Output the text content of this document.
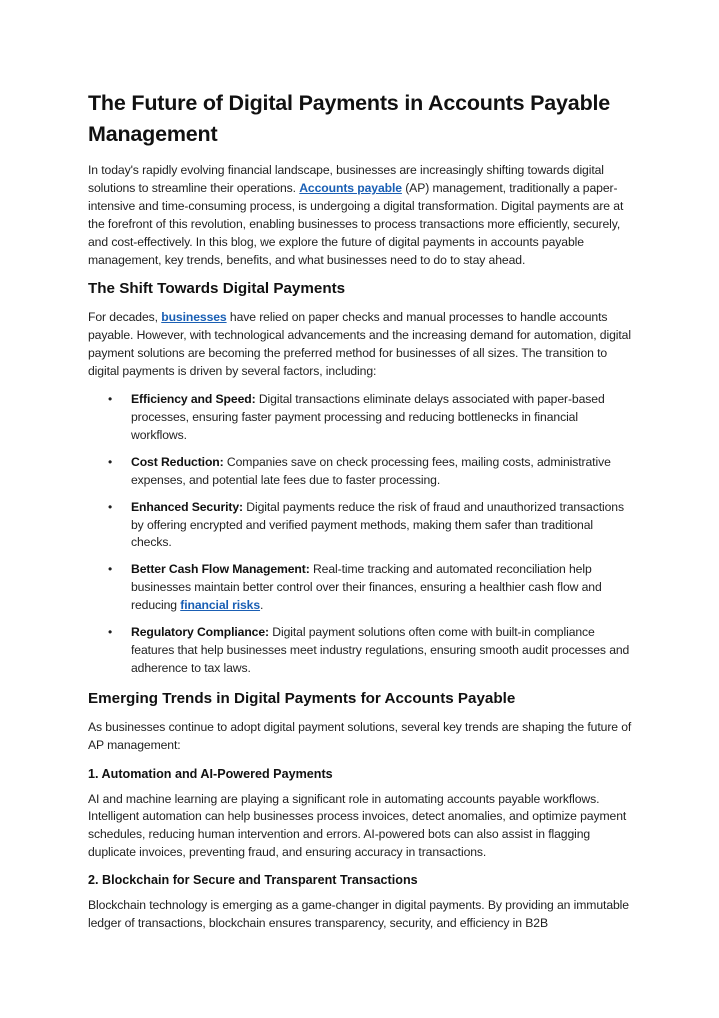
The Future of Digital Payments in Accounts Payable Management

In today's rapidly evolving financial landscape, businesses are increasingly shifting towards digital solutions to streamline their operations. Accounts payable (AP) management, traditionally a paper-intensive and time-consuming process, is undergoing a digital transformation. Digital payments are at the forefront of this revolution, enabling businesses to process transactions more efficiently, securely, and cost-effectively. In this blog, we explore the future of digital payments in accounts payable management, key trends, benefits, and what businesses need to do to stay ahead.

The Shift Towards Digital Payments

For decades, businesses have relied on paper checks and manual processes to handle accounts payable. However, with technological advancements and the increasing demand for automation, digital payment solutions are becoming the preferred method for businesses of all sizes. The transition to digital payments is driven by several factors, including:

• Efficiency and Speed: Digital transactions eliminate delays associated with paper-based processes, ensuring faster payment processing and reducing bottlenecks in financial workflows.
• Cost Reduction: Companies save on check processing fees, mailing costs, administrative expenses, and potential late fees due to faster processing.
• Enhanced Security: Digital payments reduce the risk of fraud and unauthorized transactions by offering encrypted and verified payment methods, making them safer than traditional checks.
• Better Cash Flow Management: Real-time tracking and automated reconciliation help businesses maintain better control over their finances, ensuring a healthier cash flow and reducing financial risks.
• Regulatory Compliance: Digital payment solutions often come with built-in compliance features that help businesses meet industry regulations, ensuring smooth audit processes and adherence to tax laws.
Emerging Trends in Digital Payments for Accounts Payable

As businesses continue to adopt digital payment solutions, several key trends are shaping the future of AP management:

1. Automation and AI-Powered Payments

AI and machine learning are playing a significant role in automating accounts payable workflows. Intelligent automation can help businesses process invoices, detect anomalies, and optimize payment schedules, reducing human intervention and errors. AI-powered bots can also assist in flagging duplicate invoices, preventing fraud, and ensuring accuracy in transactions.

2. Blockchain for Secure and Transparent Transactions

Blockchain technology is emerging as a game-changer in digital payments. By providing an immutable ledger of transactions, blockchain ensures transparency, security, and efficiency in B2B
